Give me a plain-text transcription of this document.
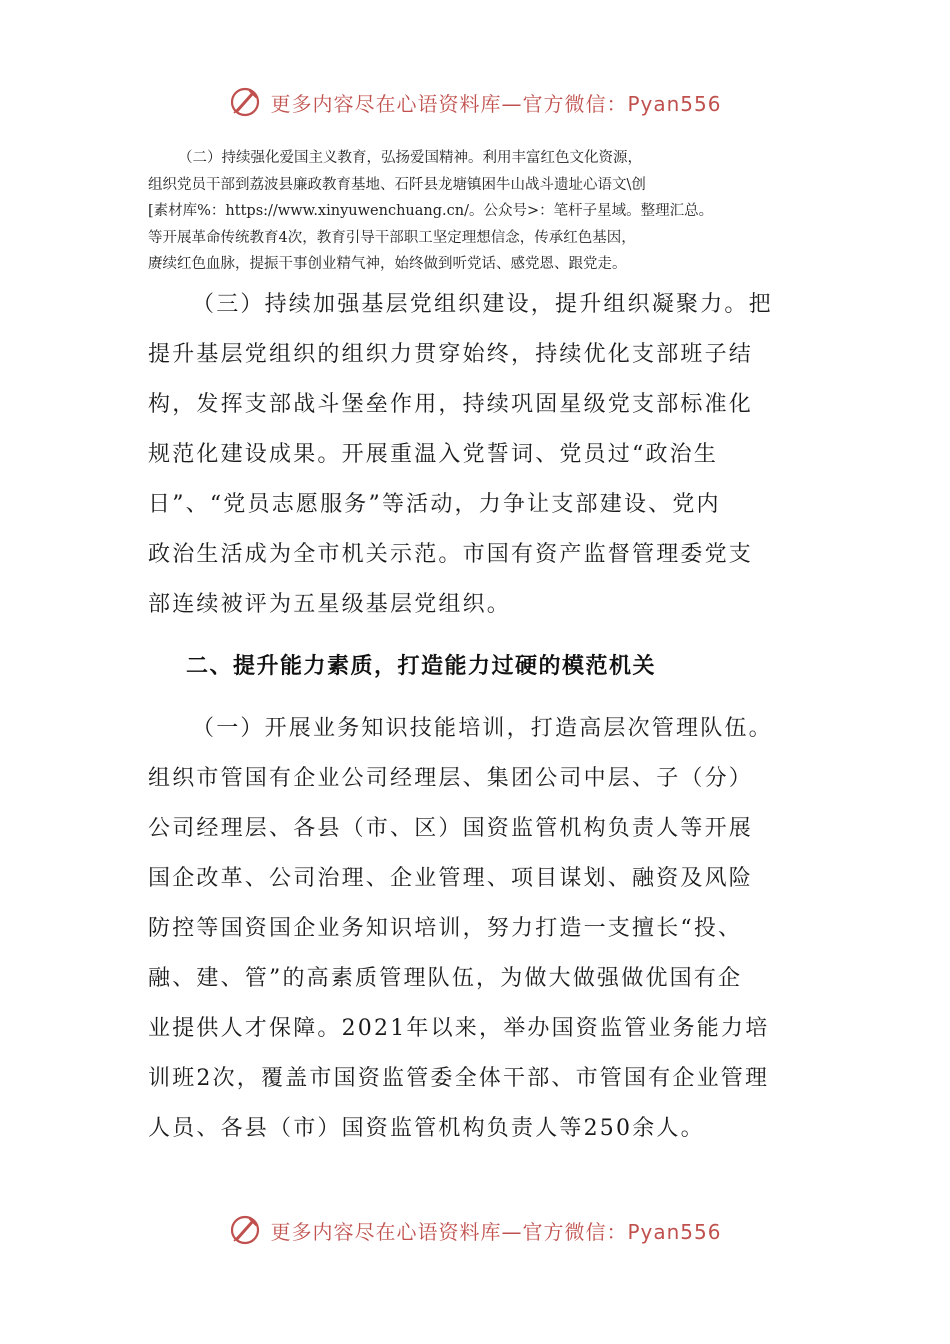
更多内容尽在心语资料库—官方微信：Pyan556
（二）持续强化爱国主义教育，弘扬爱国精神。利用丰富红色文化资源，
组织党员干部到荔波县廉政教育基地、石阡县龙塘镇困牛山战斗遗址心语文\创
[素材库%：https://www.xinyuwenchuang.cn/。公众号>：笔杆子星域。整理汇总。
等开展革命传统教育4次，教育引导干部职工坚定理想信念，传承红色基因，
赓续红色血脉，提振干事创业精气神，始终做到听党话、感党恩、跟党走。
（三）持续加强基层党组织建设，提升组织凝聚力。把
提升基层党组织的组织力贯穿始终，持续优化支部班子结
构，发挥支部战斗堡垒作用，持续巩固星级党支部标准化
规范化建设成果。开展重温入党誓词、党员过“政治生
日”、“党员志愿服务”等活动，力争让支部建设、党内
政治生活成为全市机关示范。市国有资产监督管理委党支
部连续被评为五星级基层党组织。
二、提升能力素质，打造能力过硬的模范机关
（一）开展业务知识技能培训，打造高层次管理队伍。
组织市管国有企业公司经理层、集团公司中层、子（分）
公司经理层、各县（市、区）国资监管机构负责人等开展
国企改革、公司治理、企业管理、项目谋划、融资及风险
防控等国资国企业务知识培训，努力打造一支擅长“投、
融、建、管”的高素质管理队伍，为做大做强做优国有企
业提供人才保障。2021年以来，举办国资监管业务能力培
训班2次，覆盖市国资监管委全体干部、市管国有企业管理
人员、各县（市）国资监管机构负责人等250余人。
更多内容尽在心语资料库—官方微信：Pyan556
